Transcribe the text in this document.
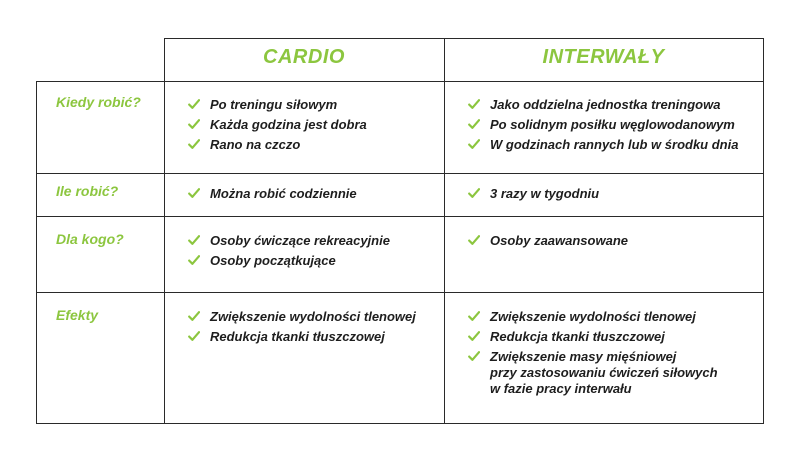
CARDIO	INTERWAŁY
Kiedy robić?
Ile robić?
Dla kogo?
Efekty
Po treningu siłowym
Każda godzina jest dobra
Rano na czczo
Jako oddzielna jednostka treningowa
Po solidnym posiłku węglowodanowym
W godzinach rannych lub w środku dnia
Można robić codziennie	3 razy w tygodniu
Osoby ćwiczące rekreacyjnie
Osoby początkujące
Osoby zaawansowane
Zwiększenie wydolności tlenowej
Redukcja tkanki tłuszczowej
Zwiększenie wydolności tlenowej
Redukcja tkanki tłuszczowej
Zwiększenie masy mięśniowej
przy zastosowaniu ćwiczeń siłowych
w fazie pracy interwału
